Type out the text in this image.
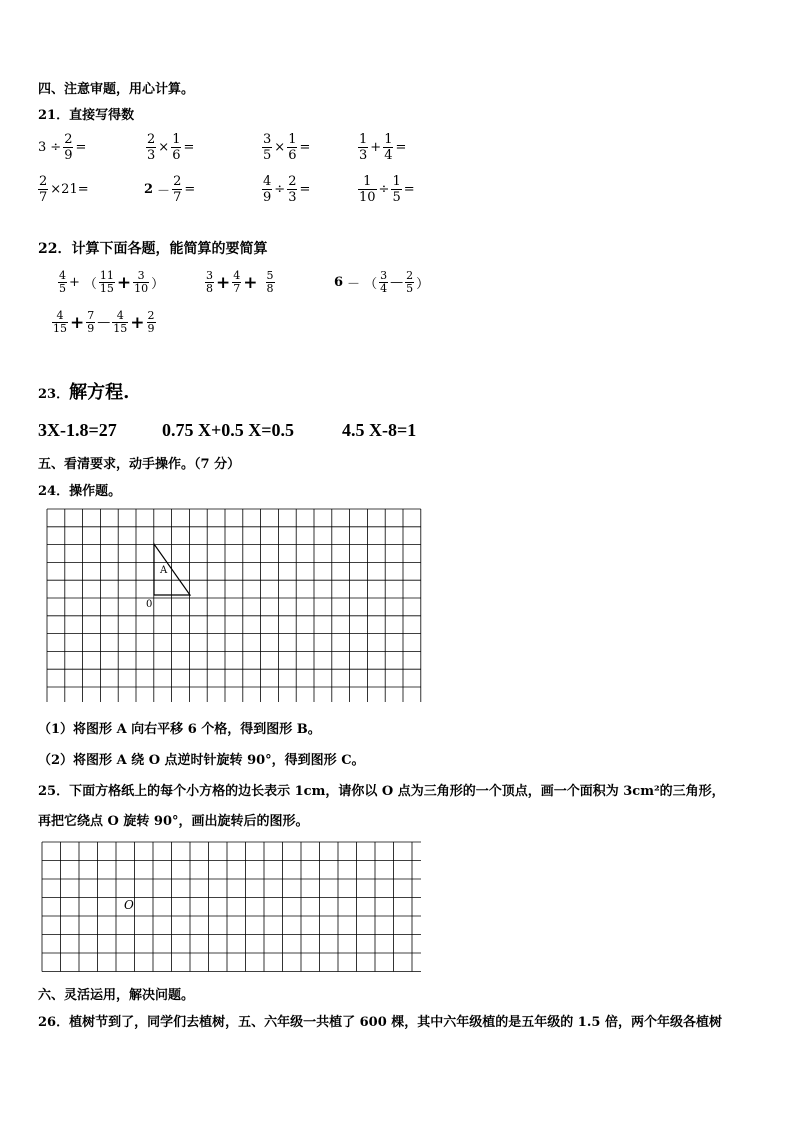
四、注意审题，用心计算。
21．直接写得数
$3 \div \frac{2}{9}$ =	$\frac{2}{3} \times \frac{1}{6}$ =	$\frac{3}{5} \times \frac{1}{6}$ =	$\frac{1}{3} + \frac{1}{4}$ =
$\frac{2}{7} \times 21=$	$2 - \frac{2}{7}$ =	$\frac{4}{9} \div \frac{2}{3}$ =	$\frac{1}{10} \div \frac{1}{5}$ =
22．计算下面各题，能简算的要简算
$\frac{4}{5}$ + （ $\frac{11}{15} + \frac{3}{10}$ ）	$\frac{3}{8} + \frac{4}{7} + \frac{5}{8}$	6 － （ $\frac{3}{4}$ — $\frac{2}{5}$ ）
$\frac{4}{15} + \frac{7}{9}$ — $\frac{4}{15} + \frac{2}{9}$
23． 解方程.
3X-1.8=27	0.75 X+0.5 X=0.5	4.5 X-8=1
五、看清要求，动手操作。（7 分）
24．操作题。
A
0
（1）将图形 A 向右平移 6 个格，得到图形 B。
（2）将图形 A 绕 O 点逆时针旋转 90°，得到图形 C。
25．下面方格纸上的每个小方格的边长表示 1cm，请你以 O 点为三角形的一个顶点，画一个面积为 3cm²的三角形，
再把它绕点 O 旋转 90°，画出旋转后的图形。
O
六、灵活运用，解决问题。
26．植树节到了，同学们去植树，五、六年级一共植了 600 棵，其中六年级植的是五年级的 1.5 倍，两个年级各植树
